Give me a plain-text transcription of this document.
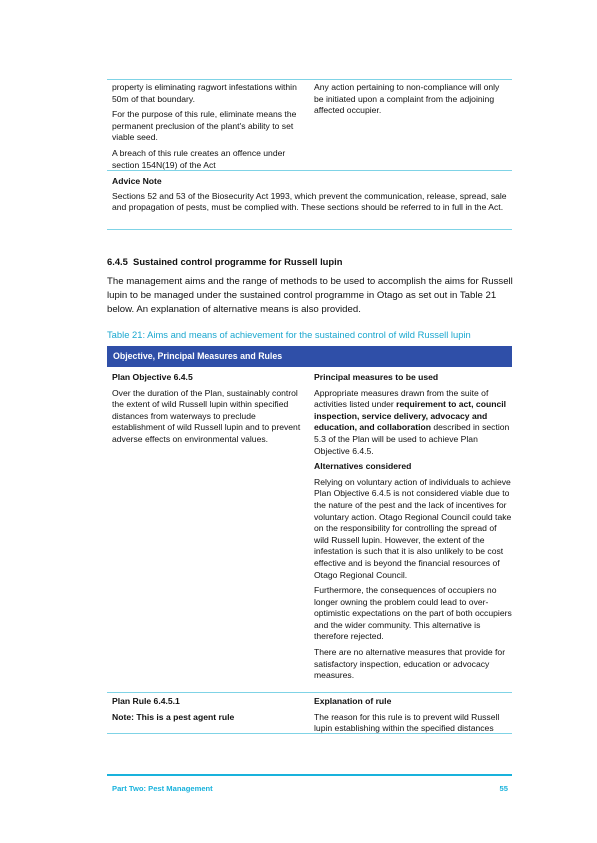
property is eliminating ragwort infestations within 50m of that boundary.

For the purpose of this rule, eliminate means the permanent preclusion of the plant's ability to set viable seed.

A breach of this rule creates an offence under section 154N(19) of the Act

Any action pertaining to non-compliance will only be initiated upon a complaint from the adjoining affected occupier.

Advice Note
Sections 52 and 53 of the Biosecurity Act 1993, which prevent the communication, release, spread, sale and propagation of pests, must be complied with. These sections should be referred to in full in the Act.
6.4.5  Sustained control programme for Russell lupin
The management aims and the range of methods to be used to accomplish the aims for Russell lupin to be managed under the sustained control programme in Otago as set out in Table 21 below. An explanation of alternative means is also provided.
Table 21: Aims and means of achievement for the sustained control of wild Russell lupin
Objective, Principal Measures and Rules

Plan Objective 6.4.5

Over the duration of the Plan, sustainably control the extent of wild Russell lupin within specified distances from waterways to preclude establishment of wild Russell lupin and to prevent adverse effects on environmental values.

Principal measures to be used

Appropriate measures drawn from the suite of activities listed under requirement to act, council inspection, service delivery, advocacy and education, and collaboration described in section 5.3 of the Plan will be used to achieve Plan Objective 6.4.5.

Alternatives considered

Relying on voluntary action of individuals to achieve Plan Objective 6.4.5 is not considered viable due to the nature of the pest and the lack of incentives for voluntary action. Otago Regional Council could take on the responsibility for controlling the spread of wild Russell lupin. However, the extent of the infestation is such that it is also unlikely to be cost effective and is beyond the financial resources of Otago Regional Council.

Furthermore, the consequences of occupiers no longer owning the problem could lead to over-optimistic expectations on the part of both occupiers and the wider community. This alternative is therefore rejected.

There are no alternative measures that provide for satisfactory inspection, education or advocacy measures.

Plan Rule 6.4.5.1

Note: This is a pest agent rule

Explanation of rule

The reason for this rule is to prevent wild Russell lupin establishing within the specified distances

Part Two: Pest Management	55
